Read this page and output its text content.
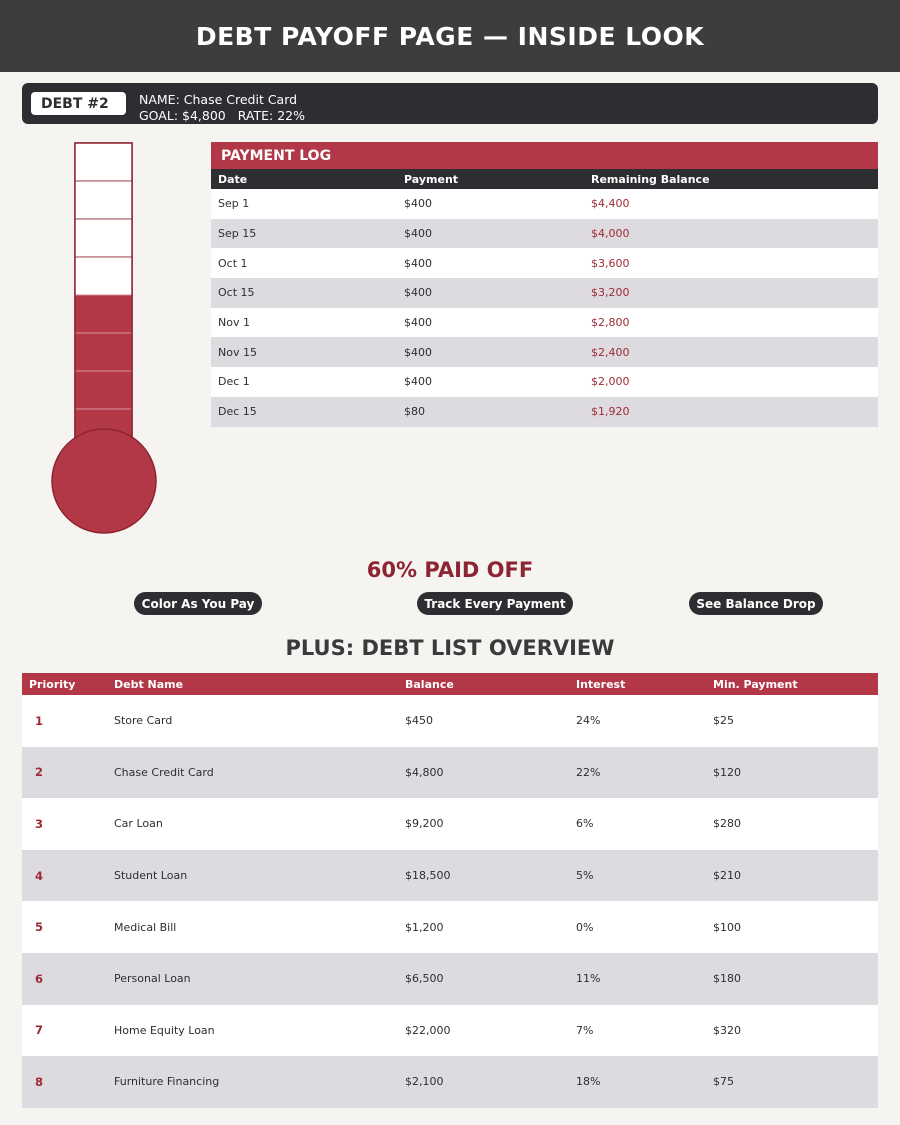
DEBT PAYOFF PAGE — INSIDE LOOK
DEBT #2	NAME: Chase Credit Card
GOAL: $4,800 RATE: 22%
PAYMENT LOG
Date	Payment	Remaining Balance
Sep 1	$400	$4,400
Sep 15	$400	$4,000
Oct 1	$400	$3,600
Oct 15	$400	$3,200
Nov 1	$400	$2,800
Nov 15	$400	$2,400
Dec 1	$400	$2,000
Dec 15	$80	$1,920
60% PAID OFF
Color As You Pay	Track Every Payment	See Balance Drop
PLUS: DEBT LIST OVERVIEW
Priority	Debt Name	Balance	Interest	Min. Payment
1	Store Card	$450	24%	$25
2	Chase Credit Card	$4,800	22%	$120
3	Car Loan	$9,200	6%	$280
4	Student Loan	$18,500	5%	$210
5	Medical Bill	$1,200	0%	$100
6	Personal Loan	$6,500	11%	$180
7	Home Equity Loan	$22,000	7%	$320
8	Furniture Financing	$2,100	18%	$75
